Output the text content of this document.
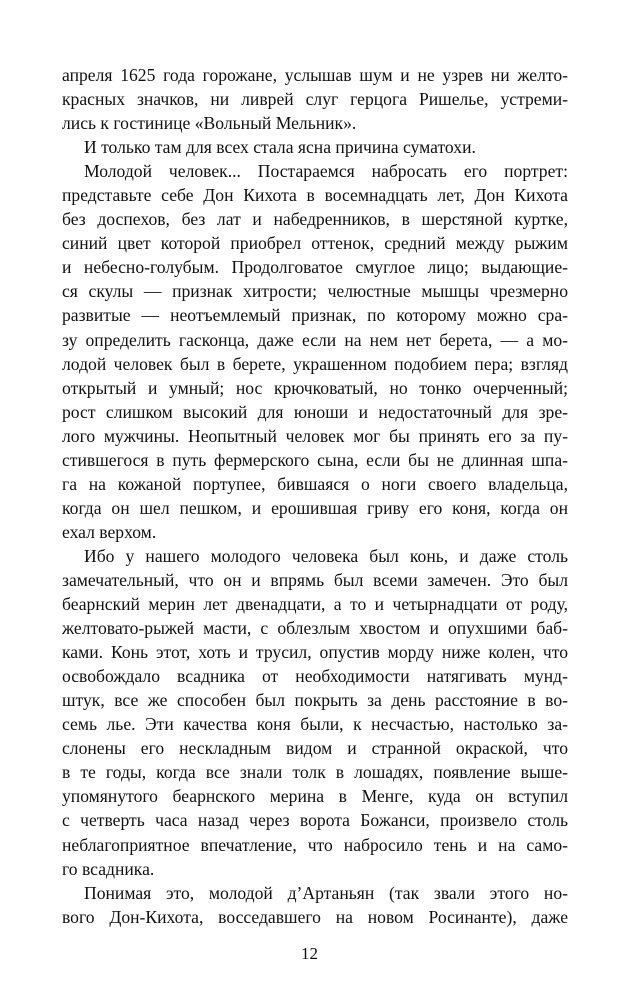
апреля 1625 года горожане, услышав шум и не узрев ни желто-
красных значков, ни ливрей слуг герцога Ришелье, устреми-
лись к гостинице «Вольный Мельник».
И только там для всех стала ясна причина суматохи.
Молодой человек... Постараемся набросать его портрет:
представьте себе Дон Кихота в восемнадцать лет, Дон Кихота
без доспехов, без лат и набедренников, в шерстяной куртке,
синий цвет которой приобрел оттенок, средний между рыжим
и небесно-голубым. Продолговатое смуглое лицо; выдающие-
ся скулы — признак хитрости; челюстные мышцы чрезмерно
развитые — неотъемлемый признак, по которому можно сра-
зу определить гасконца, даже если на нем нет берета, — а мо-
лодой человек был в берете, украшенном подобием пера; взгляд
открытый и умный; нос крючковатый, но тонко очерченный;
рост слишком высокий для юноши и недостаточный для зре-
лого мужчины. Неопытный человек мог бы принять его за пу-
стившегося в путь фермерского сына, если бы не длинная шпа-
га на кожаной портупее, бившаяся о ноги своего владельца,
когда он шел пешком, и ерошившая гриву его коня, когда он
ехал верхом.
Ибо у нашего молодого человека был конь, и даже столь
замечательный, что он и впрямь был всеми замечен. Это был
беарнский мерин лет двенадцати, а то и четырнадцати от роду,
желтовато-рыжей масти, с облезлым хвостом и опухшими баб-
ками. Конь этот, хоть и трусил, опустив морду ниже колен, что
освобождало всадника от необходимости натягивать мунд-
штук, все же способен был покрыть за день расстояние в во-
семь лье. Эти качества коня были, к несчастью, настолько за-
слонены его нескладным видом и странной окраской, что
в те годы, когда все знали толк в лошадях, появление выше-
упомянутого беарнского мерина в Менге, куда он вступил
с четверть часа назад через ворота Божанси, произвело столь
неблагоприятное впечатление, что набросило тень и на само-
го всадника.
Понимая это, молодой д’Артаньян (так звали этого но-
вого Дон-Кихота, восседавшего на новом Росинанте), даже
12
